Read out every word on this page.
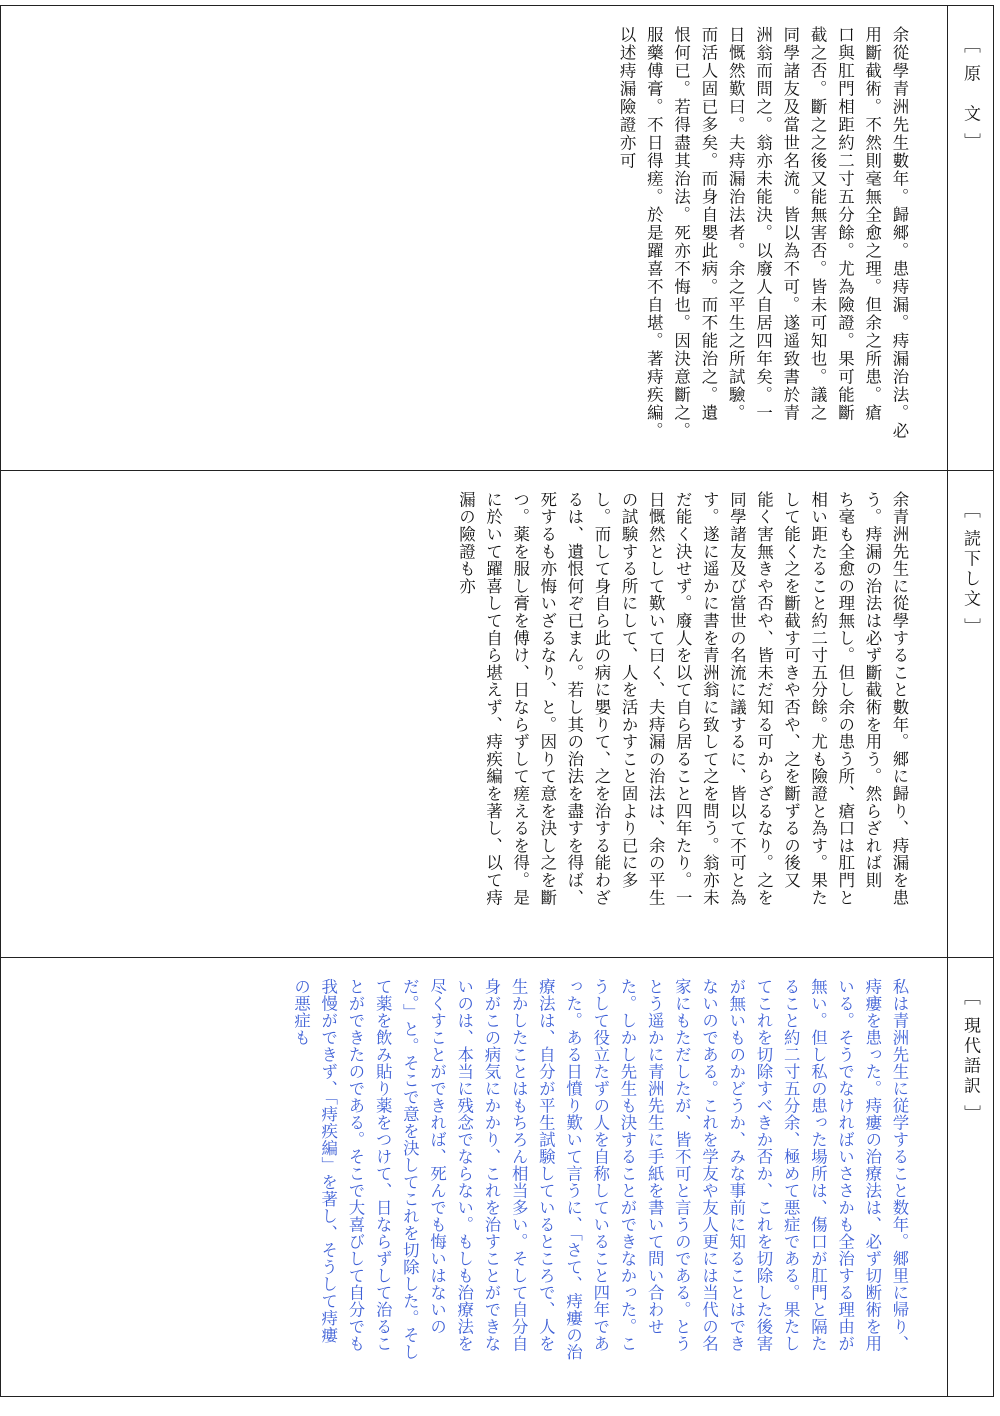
［ 原　文 ］

余從學青洲先生數年。歸郷。患痔漏。痔漏治法。必
用斷截術。不然則毫無全愈之理。但余之所患。瘡
口與肛門相距約二寸五分餘。尤為險證。果可能斷
截之否。斷之之後又能無害否。皆未可知也。議之
同學諸友及當世名流。皆以為不可。遂遥致書於青
洲翁而問之。翁亦未能決。以廢人自居四年矣。一
日慨然歎曰。夫痔漏治法者。余之平生之所試驗。
而活人固已多矣。而身自嬰此病。而不能治之。遺
恨何已。若得盡其治法。死亦不悔也。因決意斷之。
服藥傅膏。不日得瘥。於是躍喜不自堪。著痔疾編。
以述痔漏險證亦可

［ 読下し文 ］

余青洲先生に從學すること數年。郷に歸り、痔漏を患
う。痔漏の治法は必ず斷截術を用う。然らざれば則
ち毫も全愈の理無し。但し余の患う所、瘡口は肛門と
相い距たること約二寸五分餘。尤も險證と為す。果た
して能く之を斷截す可きや否や、之を斷ずるの後又
能く害無きや否や、皆未だ知る可からざるなり。之を
同學諸友及び當世の名流に議するに、皆以て不可と為
す。遂に遥かに書を青洲翁に致して之を問う。翁亦未
だ能く決せず。廢人を以て自ら居ること四年たり。一
日慨然として歎いて曰く、夫痔漏の治法は、余の平生
の試験する所にして、人を活かすこと固より已に多
し。而して身自ら此の病に嬰りて、之を治する能わざ
るは、遺恨何ぞ已まん。若し其の治法を盡すを得ば、
死するも亦悔いざるなり、と。因りて意を決し之を斷
つ。薬を服し膏を傅け、日ならずして瘥えるを得。是
に於いて躍喜して自ら堪えず、痔疾編を著し、以て痔
漏の險證も亦

［ 現代語訳 ］

私は青洲先生に従学すること数年。郷里に帰り、
痔瘻を患った。痔瘻の治療法は、必ず切断術を用
いる。そうでなければいささかも全治する理由が
無い。但し私の患った場所は、傷口が肛門と隔た
ること約二寸五分余、極めて悪症である。果たし
てこれを切除すべきか否か、これを切除した後害
が無いものかどうか、みな事前に知ることはでき
ないのである。これを学友や友人更には当代の名
家にもただしたが、皆不可と言うのである。とう
とう遥かに青洲先生に手紙を書いて問い合わせ
た。しかし先生も決することができなかった。こ
うして役立たずの人を自称していること四年であ
った。ある日憤り歎いて言うに、「さて、痔瘻の治
療法は、自分が平生試験しているところで、人を
生かしたことはもちろん相当多い。そして自分自
身がこの病気にかかり、これを治すことができな
いのは、本当に残念でならない。もしも治療法を
尽くすことができれば、死んでも悔いはないの
だ。」と。そこで意を決してこれを切除した。そし
て薬を飲み貼り薬をつけて、日ならずして治るこ
とができたのである。そこで大喜びして自分でも
我慢ができず、「痔疾編」を著し、そうして痔瘻
の悪症も
